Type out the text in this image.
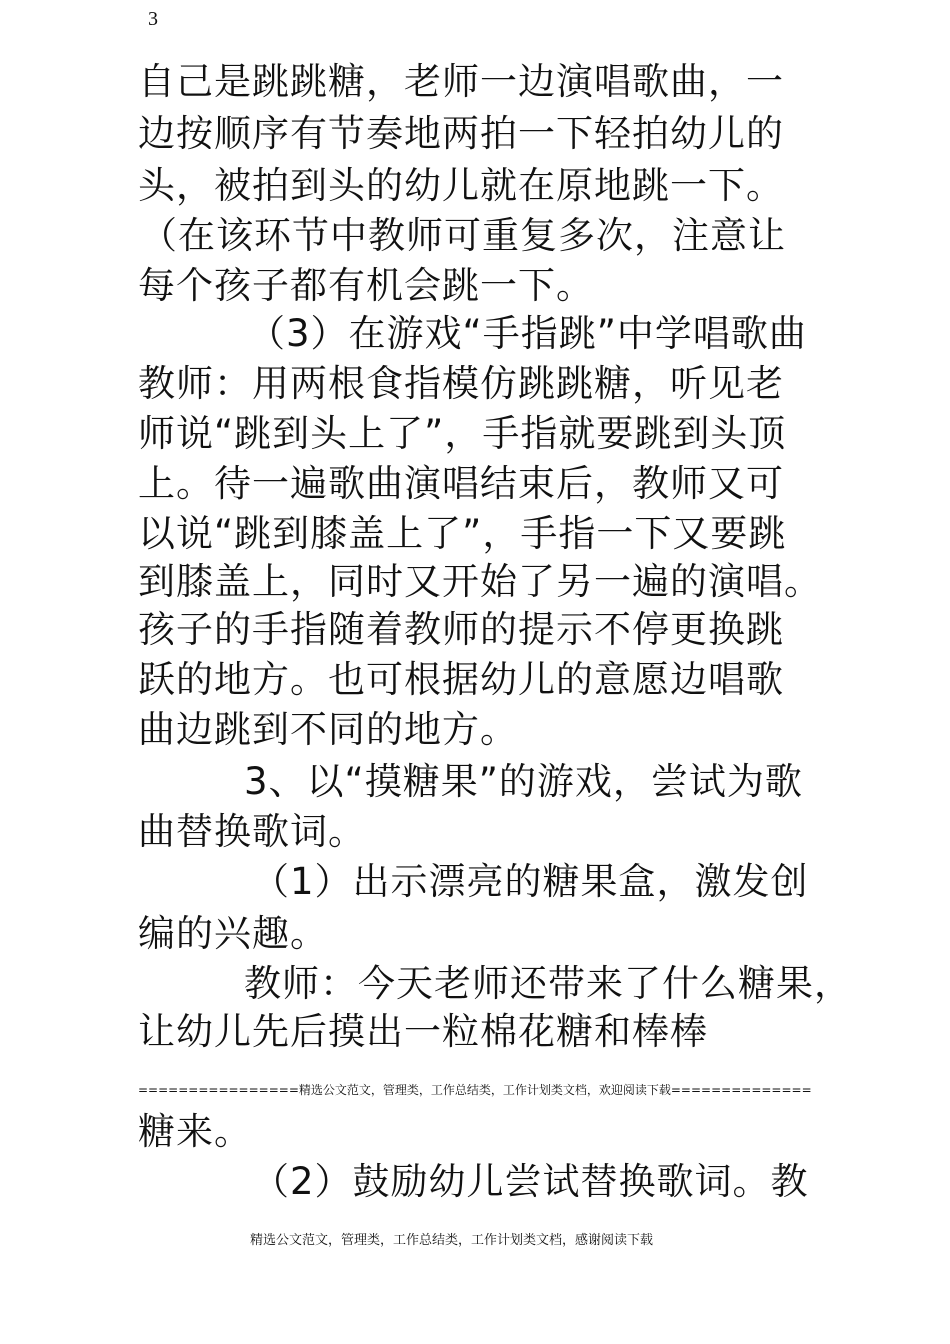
3
自己是跳跳糖，老师一边演唱歌曲，一
边按顺序有节奏地两拍一下轻拍幼儿的
头，被拍到头的幼儿就在原地跳一下。
（在该环节中教师可重复多次，注意让
每个孩子都有机会跳一下。
（3）在游戏“手指跳”中学唱歌曲
教师：用两根食指模仿跳跳糖，听见老
师说“跳到头上了”，手指就要跳到头顶
上。待一遍歌曲演唱结束后，教师又可
以说“跳到膝盖上了”，手指一下又要跳
到膝盖上，同时又开始了另一遍的演唱。
孩子的手指随着教师的提示不停更换跳
跃的地方。也可根据幼儿的意愿边唱歌
曲边跳到不同的地方。
3、以“摸糖果”的游戏，尝试为歌
曲替换歌词。
（1）出示漂亮的糖果盒，激发创
编的兴趣。
教师：今天老师还带来了什么糖果，
让幼儿先后摸出一粒棉花糖和棒棒
================精选公文范文，管理类，工作总结类，工作计划类文档，欢迎阅读下载==============
糖来。
（2）鼓励幼儿尝试替换歌词。教
精选公文范文，管理类，工作总结类，工作计划类文档，感谢阅读下载
